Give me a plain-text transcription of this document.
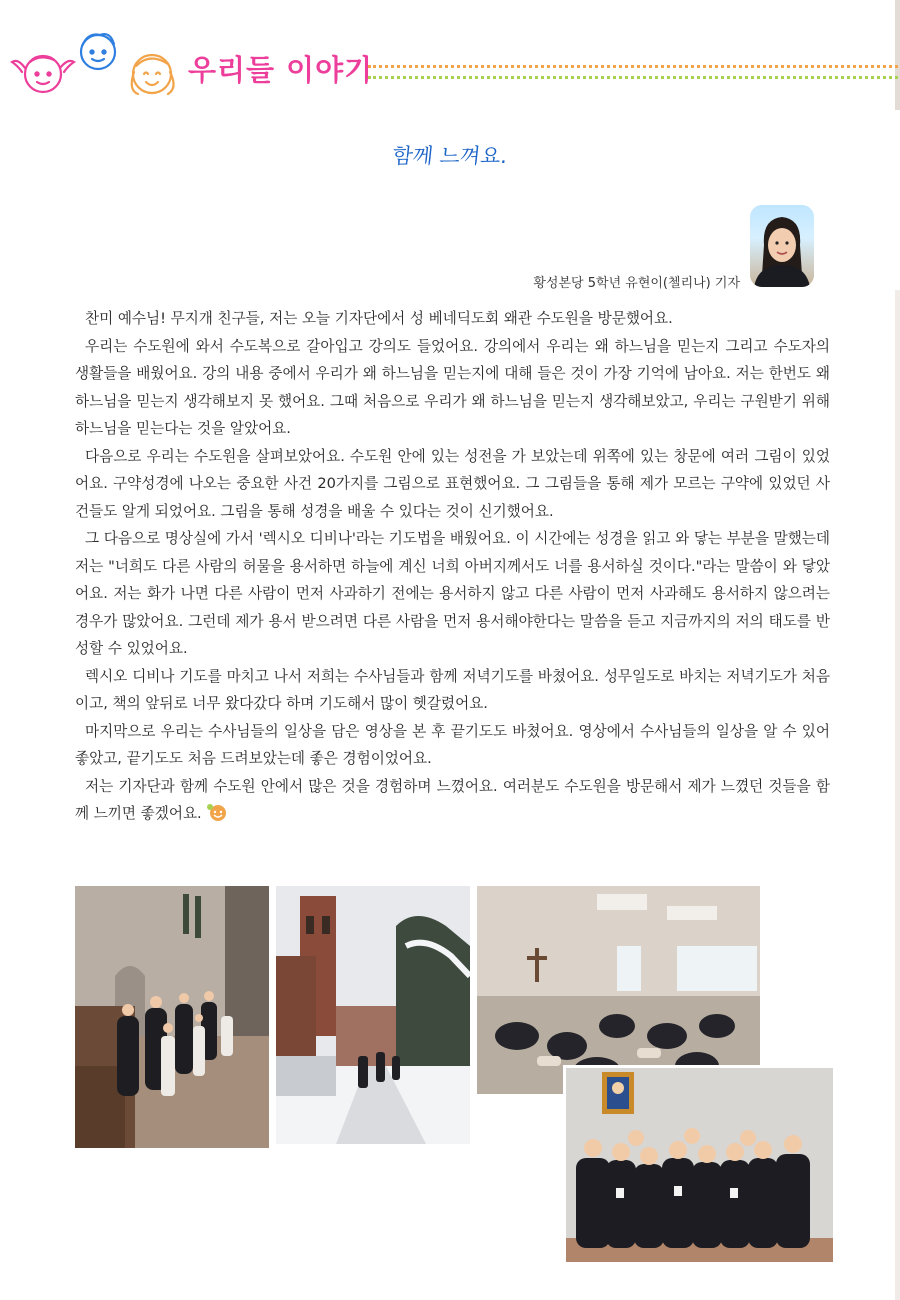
우리들 이야기
함께 느껴요.
황성본당 5학년 유현이(첼리나) 기자

찬미 예수님! 무지개 친구들, 저는 오늘 기자단에서 성 베네딕도회 왜관 수도원을 방문했어요.

우리는 수도원에 와서 수도복으로 갈아입고 강의도 들었어요. 강의에서 우리는 왜 하느님을 믿는지 그리고 수도자의 생활들을 배웠어요. 강의 내용 중에서 우리가 왜 하느님을 믿는지에 대해 들은 것이 가장 기억에 남아요. 저는 한번도 왜 하느님을 믿는지 생각해보지 못 했어요. 그때 처음으로 우리가 왜 하느님을 믿는지 생각해보았고, 우리는 구원받기 위해 하느님을 믿는다는 것을 알았어요.

다음으로 우리는 수도원을 살펴보았어요. 수도원 안에 있는 성전을 가 보았는데 위쪽에 있는 창문에 여러 그림이 있었어요. 구약성경에 나오는 중요한 사건 20가지를 그림으로 표현했어요. 그 그림들을 통해 제가 모르는 구약에 있었던 사건들도 알게 되었어요. 그림을 통해 성경을 배울 수 있다는 것이 신기했어요.

그 다음으로 명상실에 가서 '렉시오 디비나'라는 기도법을 배웠어요. 이 시간에는 성경을 읽고 와 닿는 부분을 말했는데 저는 "너희도 다른 사람의 허물을 용서하면 하늘에 계신 너희 아버지께서도 너를 용서하실 것이다."라는 말씀이 와 닿았어요. 저는 화가 나면 다른 사람이 먼저 사과하기 전에는 용서하지 않고 다른 사람이 먼저 사과해도 용서하지 않으려는 경우가 많았어요. 그런데 제가 용서 받으려면 다른 사람을 먼저 용서해야한다는 말씀을 듣고 지금까지의 저의 태도를 반성할 수 있었어요.

렉시오 디비나 기도를 마치고 나서 저희는 수사님들과 함께 저녁기도를 바쳤어요. 성무일도로 바치는 저녁기도가 처음이고, 책의 앞뒤로 너무 왔다갔다 하며 기도해서 많이 헷갈렸어요.

마지막으로 우리는 수사님들의 일상을 담은 영상을 본 후 끝기도도 바쳤어요. 영상에서 수사님들의 일상을 알 수 있어 좋았고, 끝기도도 처음 드려보았는데 좋은 경험이었어요.

저는 기자단과 함께 수도원 안에서 많은 것을 경험하며 느꼈어요. 여러분도 수도원을 방문해서 제가 느꼈던 것들을 함께 느끼면 좋겠어요.
